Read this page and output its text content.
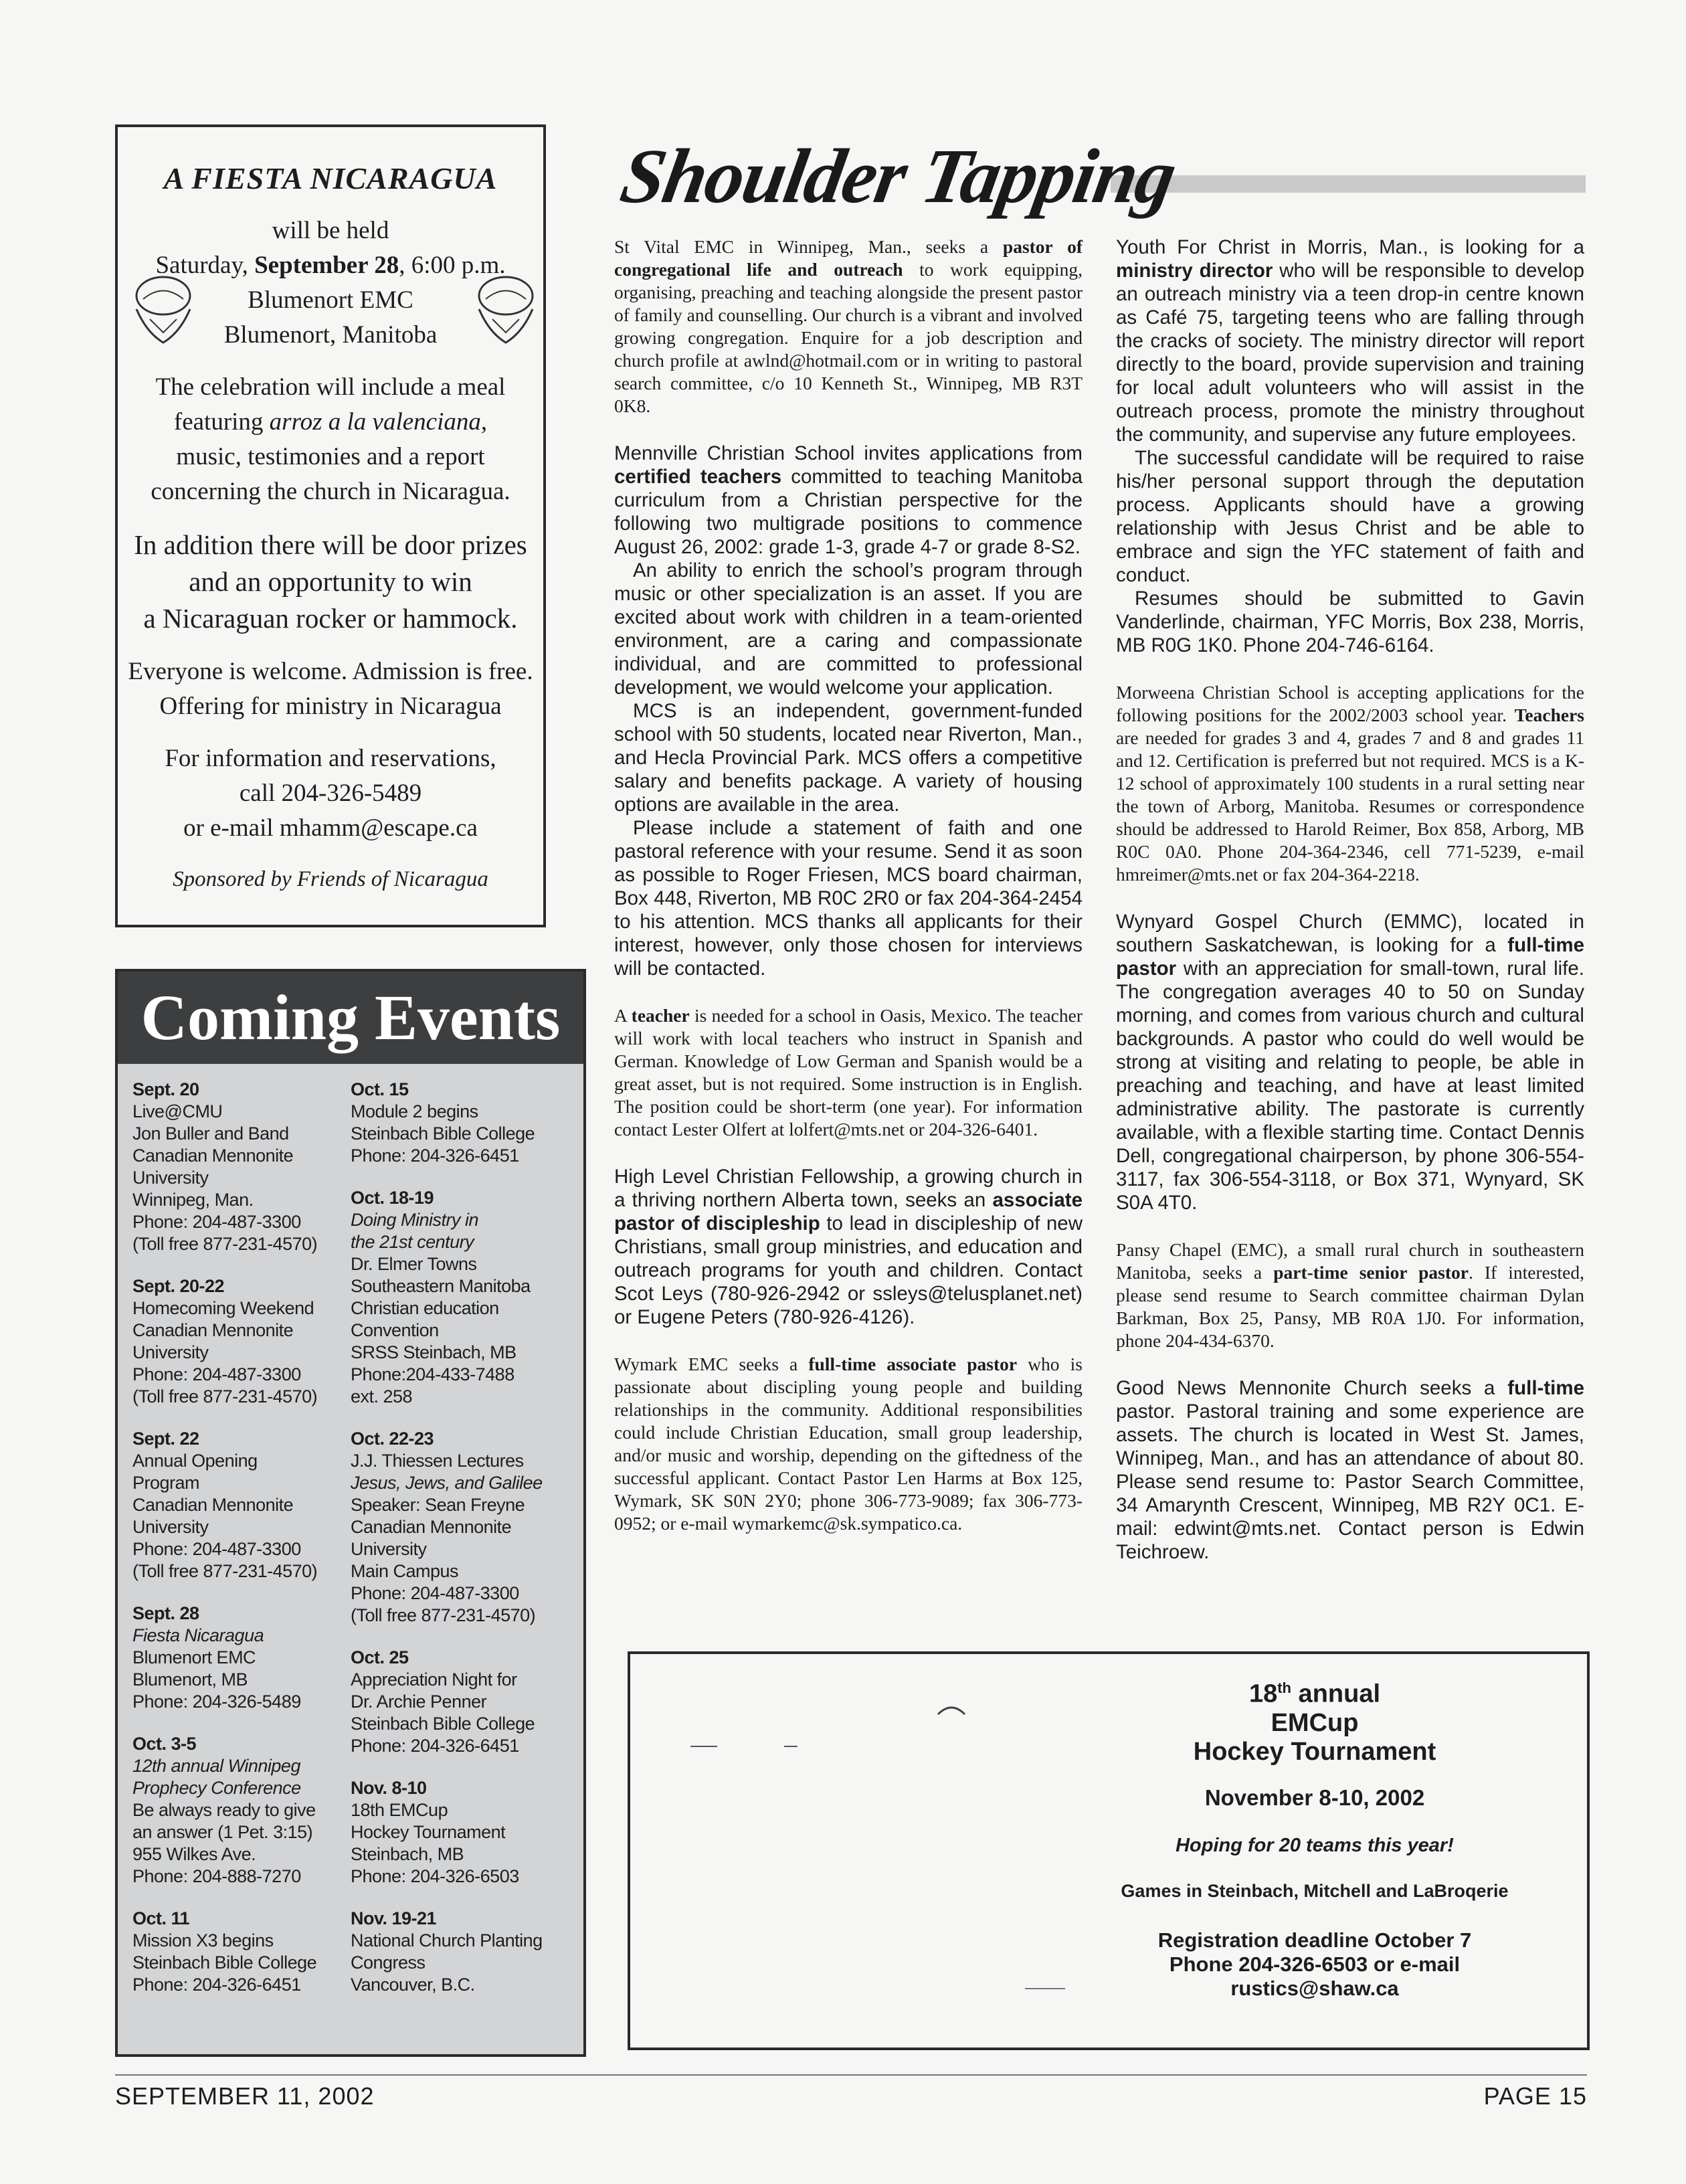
A FIESTA NICARAGUA
will be held
Saturday, September 28, 6:00 p.m.
Blumenort EMC
Blumenort, Manitoba
The celebration will include a meal
featuring arroz a la valenciana,
music, testimonies and a report
concerning the church in Nicaragua.
In addition there will be door prizes
and an opportunity to win
a Nicaraguan rocker or hammock.
Everyone is welcome. Admission is free.
Offering for ministry in Nicaragua
For information and reservations,
call 204-326-5489
or e-mail mhamm@escape.ca
Sponsored by Friends of Nicaragua
Coming Events
Sept. 20
Live@CMU
Jon Buller and Band
Canadian Mennonite
University
Winnipeg, Man.
Phone: 204-487-3300
(Toll free 877-231-4570)
Sept. 20-22
Homecoming Weekend
Canadian Mennonite
University
Phone: 204-487-3300
(Toll free 877-231-4570)
Sept. 22
Annual Opening
Program
Canadian Mennonite
University
Phone: 204-487-3300
(Toll free 877-231-4570)
Sept. 28
Fiesta Nicaragua
Blumenort EMC
Blumenort, MB
Phone: 204-326-5489
Oct. 3-5
12th annual Winnipeg
Prophecy Conference
Be always ready to give
an answer (1 Pet. 3:15)
955 Wilkes Ave.
Phone: 204-888-7270
Oct. 11
Mission X3 begins
Steinbach Bible College
Phone: 204-326-6451
Oct. 15
Module 2 begins
Steinbach Bible College
Phone: 204-326-6451
Oct. 18-19
Doing Ministry in
the 21st century
Dr. Elmer Towns
Southeastern Manitoba
Christian education
Convention
SRSS Steinbach, MB
Phone:204-433-7488
ext. 258
Oct. 22-23
J.J. Thiessen Lectures
Jesus, Jews, and Galilee
Speaker: Sean Freyne
Canadian Mennonite
University
Main Campus
Phone: 204-487-3300
(Toll free 877-231-4570)
Oct. 25
Appreciation Night for
Dr. Archie Penner
Steinbach Bible College
Phone: 204-326-6451
Nov. 8-10
18th EMCup
Hockey Tournament
Steinbach, MB
Phone: 204-326-6503
Nov. 19-21
National Church Planting
Congress
Vancouver, B.C.
Shoulder Tapping

St Vital EMC in Winnipeg, Man., seeks a pastor of congregational life and outreach to work equipping, organising, preaching and teaching alongside the present pastor of family and counselling. Our church is a vibrant and involved growing congregation. Enquire for a job description and church profile at awlnd@hotmail.com or in writing to pastoral search committee, c/o 10 Kenneth St., Winnipeg, MB R3T 0K8.

Mennville Christian School invites applications from certified teachers committed to teaching Manitoba curriculum from a Christian perspective for the following two multigrade positions to commence August 26, 2002: grade 1-3, grade 4-7 or grade 8-S2.

An ability to enrich the school’s program through music or other specialization is an asset. If you are excited about work with children in a team-oriented environment, are a caring and compassionate individual, and are committed to professional development, we would welcome your application.

MCS is an independent, government-funded school with 50 students, located near Riverton, Man., and Hecla Provincial Park. MCS offers a competitive salary and benefits package. A variety of housing options are available in the area.

Please include a statement of faith and one pastoral reference with your resume. Send it as soon as possible to Roger Friesen, MCS board chairman, Box 448, Riverton, MB R0C 2R0 or fax 204-364-2454 to his attention. MCS thanks all applicants for their interest, however, only those chosen for interviews will be contacted.

A teacher is needed for a school in Oasis, Mexico. The teacher will work with local teachers who instruct in Spanish and German. Knowledge of Low German and Spanish would be a great asset, but is not required. Some instruction is in English. The position could be short-term (one year). For information contact Lester Olfert at lolfert@mts.net or 204-326-6401.

High Level Christian Fellowship, a growing church in a thriving northern Alberta town, seeks an associate pastor of discipleship to lead in discipleship of new Christians, small group ministries, and education and outreach programs for youth and children. Contact Scot Leys (780-926-2942 or ssleys@telusplanet.net) or Eugene Peters (780-926-4126).

Wymark EMC seeks a full-time associate pastor who is passionate about discipling young people and building relationships in the community. Additional responsibilities could include Christian Education, small group leadership, and/or music and worship, depending on the giftedness of the successful applicant. Contact Pastor Len Harms at Box 125, Wymark, SK S0N 2Y0; phone 306-773-9089; fax 306-773-0952; or e-mail wymarkemc@sk.sympatico.ca.

Youth For Christ in Morris, Man., is looking for a ministry director who will be responsible to develop an outreach ministry via a teen drop-in centre known as Café 75, targeting teens who are falling through the cracks of society. The ministry director will report directly to the board, provide supervision and training for local adult volunteers who will assist in the outreach process, promote the ministry throughout the community, and supervise any future employees.

The successful candidate will be required to raise his/her personal support through the deputation process. Applicants should have a growing relationship with Jesus Christ and be able to embrace and sign the YFC statement of faith and conduct.

Resumes should be submitted to Gavin Vanderlinde, chairman, YFC Morris, Box 238, Morris, MB R0G 1K0. Phone 204-746-6164.

Morweena Christian School is accepting applications for the following positions for the 2002/2003 school year. Teachers are needed for grades 3 and 4, grades 7 and 8 and grades 11 and 12. Certification is preferred but not required. MCS is a K-12 school of approximately 100 students in a rural setting near the town of Arborg, Manitoba. Resumes or correspondence should be addressed to Harold Reimer, Box 858, Arborg, MB R0C 0A0. Phone 204-364-2346, cell 771-5239, e-mail hmreimer@mts.net or fax 204-364-2218.

Wynyard Gospel Church (EMMC), located in southern Saskatchewan, is looking for a full-time pastor with an appreciation for small-town, rural life. The congregation averages 40 to 50 on Sunday morning, and comes from various church and cultural backgrounds. A pastor who could do well would be strong at visiting and relating to people, be able in preaching and teaching, and have at least limited administrative ability. The pastorate is currently available, with a flexible starting time. Contact Dennis Dell, congregational chairperson, by phone 306-554-3117, fax 306-554-3118, or Box 371, Wynyard, SK S0A 4T0.

Pansy Chapel (EMC), a small rural church in southeastern Manitoba, seeks a part-time senior pastor. If interested, please send resume to Search committee chairman Dylan Barkman, Box 25, Pansy, MB R0A 1J0. For information, phone 204-434-6370.

Good News Mennonite Church seeks a full-time pastor. Pastoral training and some experience are assets. The church is located in West St. James, Winnipeg, Man., and has an attendance of about 80. Please send resume to: Pastor Search Committee, 34 Amarynth Crescent, Winnipeg, MB R2Y 0C1. E-mail: edwint@mts.net. Contact person is Edwin Teichroew.

18th annual
EMCup
Hockey Tournament
November 8-10, 2002
Hoping for 20 teams this year!
Games in Steinbach, Mitchell and LaBroqerie
Registration deadline October 7
Phone 204-326-6503 or e-mail
rustics@shaw.ca
SEPTEMBER 11, 2002	PAGE 15
